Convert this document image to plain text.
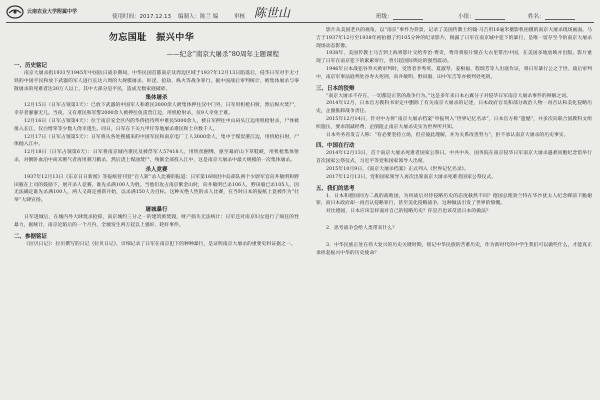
云南农业大学附属中学
使用时间：2017.12.13 编制人：陈兰 编	审核 陈世山	班级：	小组：	姓名：
勿忘国耻　振兴中华
——纪念“南京大屠杀”80周年主题课程
一、历史铭记

南京大屠杀指1931至1945年中国抗日战争期间，中华民国首都南京及周边区域于1937年12月13日陷落后，侵华日军对手无寸铁的中国平民和放下武器的军人进行长达六周的大规模屠杀、奸淫、抢劫、纵火等战争罪行。据中国战后审判统计，被集体屠杀与零散屠杀的死难者达30万人以上，其中大部分是平民，造成无数家庭破碎。

集体屠杀

12月15日（日军占领第3天）：已放下武器的中国军人和难民3000余人被集体押往汉中门外，日军用机枪扫射，然后纵火焚尸，幸存者寥寥无几。当夜，又有难民和军警2000余人被押往鱼雷营江边，用机枪射杀，仅9人幸免于难。

12月16日（日军占领第4天）：位于南京安全区内的华侨招待所中难民5000余人，被日军押往中山码头江边用机枪射杀，尸体被推入长江，仅白增荣等少数人侥幸逃生。同日，日军在下关九甲圩等地屠杀难民和士兵数千人。

12月17日（日军占领第5天）：日军将从各处搜捕来的中国军民和南京电厂工人3000余人，集中于煤炭港江边，用机枪扫射，尸体抛入江中。

12月18日（日军占领第6天）：日军将南京城内难民及被俘军人57418人，用铁丝捆绑，驱至幕府山下草鞋峡，用机枪集体射杀，对倒卧血泊中尚未断气者再用刺刀戳杀，然后浇上煤油焚尸，残骸全部投入江中，这是南京大屠杀中最大规模的一次集体屠杀。

杀人竞赛

1937年12月13日《东京日日新闻》等报纸曾刊登“百人斩”杀人比赛的报道：日军第16师团中岛部队两个少尉军官向井敏明和野田毅在上司的鼓励下，展开杀人竞赛，谁先杀满100人为胜。当他们攻占南京紫金山时，向井敏明已杀106人，野田毅已杀105人，因无法确定谁先杀满100人，两人又商定重新开始，以杀满150人为目标。这种灭绝人性的杀人比赛，在当时日本的报纸上竟被作为“壮举”大肆宣扬。

屠城暴行

日军进城后，在城内外大肆烧杀抢掠，南京城约三分之一的建筑被焚毁，财产损失无法统计；日军还对南京妇女进行了疯狂的性暴力，据统计，南京沦陷后的一个月内，全城发生两万起以上强奸、轮奸事件。

二、参据铭证

《拉贝日记》：拉贝撰写的日记《拉贝日记》，详细记录了日军在南京犯下的种种暴行，是证明南京大屠杀的重要史料证据之一。

影片从美国老兵的视角，以“南京”事件为背景，记录了美国传教士约翰·马吉用16毫米摄影机拍摄的南京大屠杀现场画面。马吉于1937年12月至1938年初拍摄了约105分钟的纪录影片，揭露了日军在南京城中犯下的暴行，是唯一留存至今的南京大屠杀现场动态影像。

1938年，美国传教士马吉到上海将影片交给乔治·费奇，费奇将胶片缝在大衣里带出中国，在美国多地放映并出版。影片重现了日军在南京犯下的累累罪行，曾引起国际舆论的强烈震动。

1946年日本战犯谷寿夫被审判时，受害者李秀英、夏淑琴、姜根福、程瑞芳等人出庭作证，将日军暴行公之于世。战后审判中，南京军事法庭判处谷寿夫死刑，向井敏明、野田毅、田中军吉等亦被判处死刑。

三、日本的狡辩

“南京大屠杀不存在，一切都是正常的战争行为。”这是多年来日本右翼分子对侵华日军南京大屠杀事件的辩解之词。

2014年12月，日本官方教科书审定中删除了有关南京大屠杀的记述，日本政府官员和部分政治人物一再否认和美化侵略历史，企图推卸战争责任。

2015年12月14日，针对中方将“南京大屠杀档案”申报列入“世界记忆名录”，日本官方称“遗憾”，并多次向联合国教科文组织施压，要求削减经费，企图阻止南京大屠杀史实为世界所共知。

日本外务省发言人称：“有必要坚持立场，但应彼此理解，并为关系改善努力”，拒不承认南京大屠杀的历史事实。

四、中国在行动

2014年12月13日，首个南京大屠杀死难者国家公祭日。中共中央、国务院在南京侵华日军南京大屠杀遇难同胞纪念馆举行首次国家公祭仪式，习近平等党和国家领导人出席。

2015年10月9日，《南京大屠杀档案》正式列入《世界记忆名录》。

2017年12月13日，党和国家领导人再次出席南京大屠杀死难者国家公祭仪式。

五、我们的思考

1．日本和德国同为二战的战败国，为何战后对待侵略历史的态度截然不同？德国总理勃兰特在华沙犹太人纪念碑前下跪谢罪，而日本政府却一再否认侵略罪行，甚至美化侵略战争，这种做法引发了世界的愤慨。

对比德国，日本应该怎样面对自己的侵略历史？你是否也该反思日本的做法？

2．思考战争会给人类带来什么？

3．中华民族正处在伟大复兴的历史关键时期，铭记中华民族的苦难历史，作为新时代的中学生我们可以做些什么，才能真正承担起振兴中华的历史使命？
